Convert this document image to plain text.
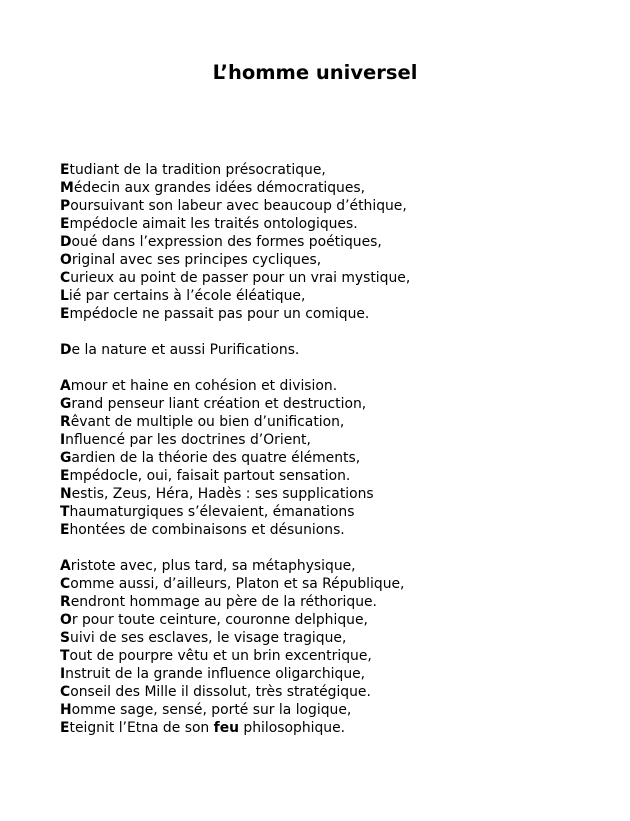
L’homme universel
Etudiant de la tradition présocratique,
Médecin aux grandes idées démocratiques,
Poursuivant son labeur avec beaucoup d’éthique,
Empédocle aimait les traités ontologiques.
Doué dans l’expression des formes poétiques,
Original avec ses principes cycliques,
Curieux au point de passer pour un vrai mystique,
Lié par certains à l’école éléatique,
Empédocle ne passait pas pour un comique.
De la nature et aussi Purifications.
Amour et haine en cohésion et division.
Grand penseur liant création et destruction,
Rêvant de multiple ou bien d’unification,
Influencé par les doctrines d’Orient,
Gardien de la théorie des quatre éléments,
Empédocle, oui, faisait partout sensation.
Nestis, Zeus, Héra, Hadès : ses supplications
Thaumaturgiques s’élevaient, émanations
Ehontées de combinaisons et désunions.
Aristote avec, plus tard, sa métaphysique,
Comme aussi, d’ailleurs, Platon et sa République,
Rendront hommage au père de la réthorique.
Or pour toute ceinture, couronne delphique,
Suivi de ses esclaves, le visage tragique,
Tout de pourpre vêtu et un brin excentrique,
Instruit de la grande influence oligarchique,
Conseil des Mille il dissolut, très stratégique.
Homme sage, sensé, porté sur la logique,
Eteignit l’Etna de son feu philosophique.
